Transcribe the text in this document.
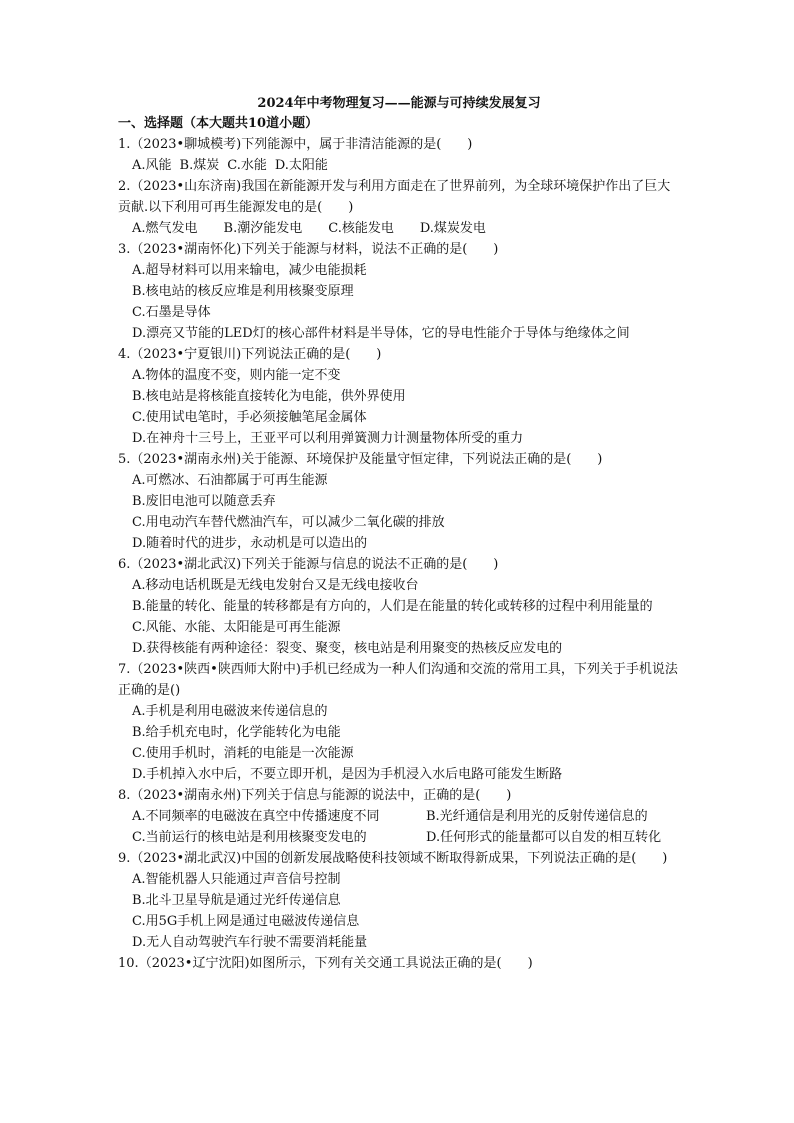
2024年中考物理复习——能源与可持续发展复习
一、选择题（本大题共10道小题）
1.（2023•聊城模考)下列能源中，属于非清洁能源的是(　　)
A.风能 B.煤炭 C.水能 D.太阳能
2.（2023•山东济南)我国在新能源开发与利用方面走在了世界前列，为全球环境保护作出了巨大贡献.以下利用可再生能源发电的是(　　)
A.燃气发电 B.潮汐能发电 C.核能发电 D.煤炭发电
3.（2023•湖南怀化)下列关于能源与材料，说法不正确的是(　　)
A.超导材料可以用来输电，减少电能损耗
B.核电站的核反应堆是利用核聚变原理
C.石墨是导体
D.漂亮又节能的LED灯的核心部件材料是半导体，它的导电性能介于导体与绝缘体之间
4.（2023•宁夏银川)下列说法正确的是(　　)
A.物体的温度不变，则内能一定不变
B.核电站是将核能直接转化为电能，供外界使用
C.使用试电笔时，手必须接触笔尾金属体
D.在神舟十三号上，王亚平可以利用弹簧测力计测量物体所受的重力
5.（2023•湖南永州)关于能源、环境保护及能量守恒定律，下列说法正确的是(　　)
A.可燃冰、石油都属于可再生能源
B.废旧电池可以随意丢弃
C.用电动汽车替代燃油汽车，可以减少二氧化碳的排放
D.随着时代的进步，永动机是可以造出的
6.（2023•湖北武汉)下列关于能源与信息的说法不正确的是(　　)
A.移动电话机既是无线电发射台又是无线电接收台
B.能量的转化、能量的转移都是有方向的，人们是在能量的转化或转移的过程中利用能量的
C.风能、水能、太阳能是可再生能源
D.获得核能有两种途径：裂变、聚变，核电站是利用聚变的热核反应发电的
7.（2023•陕西•陕西师大附中)手机已经成为一种人们沟通和交流的常用工具，下列关于手机说法正确的是()
A.手机是利用电磁波来传递信息的
B.给手机充电时，化学能转化为电能
C.使用手机时，消耗的电能是一次能源
D.手机掉入水中后，不要立即开机，是因为手机浸入水后电路可能发生断路
8.（2023•湖南永州)下列关于信息与能源的说法中，正确的是(　　)
A.不同频率的电磁波在真空中传播速度不同	B.光纤通信是利用光的反射传递信息的
C.当前运行的核电站是利用核聚变发电的	D.任何形式的能量都可以自发的相互转化
9.（2023•湖北武汉)中国的创新发展战略使科技领域不断取得新成果，下列说法正确的是(　　)
A.智能机器人只能通过声音信号控制
B.北斗卫星导航是通过光纤传递信息
C.用5G手机上网是通过电磁波传递信息
D.无人自动驾驶汽车行驶不需要消耗能量
10.（2023•辽宁沈阳)如图所示，下列有关交通工具说法正确的是(　　)
